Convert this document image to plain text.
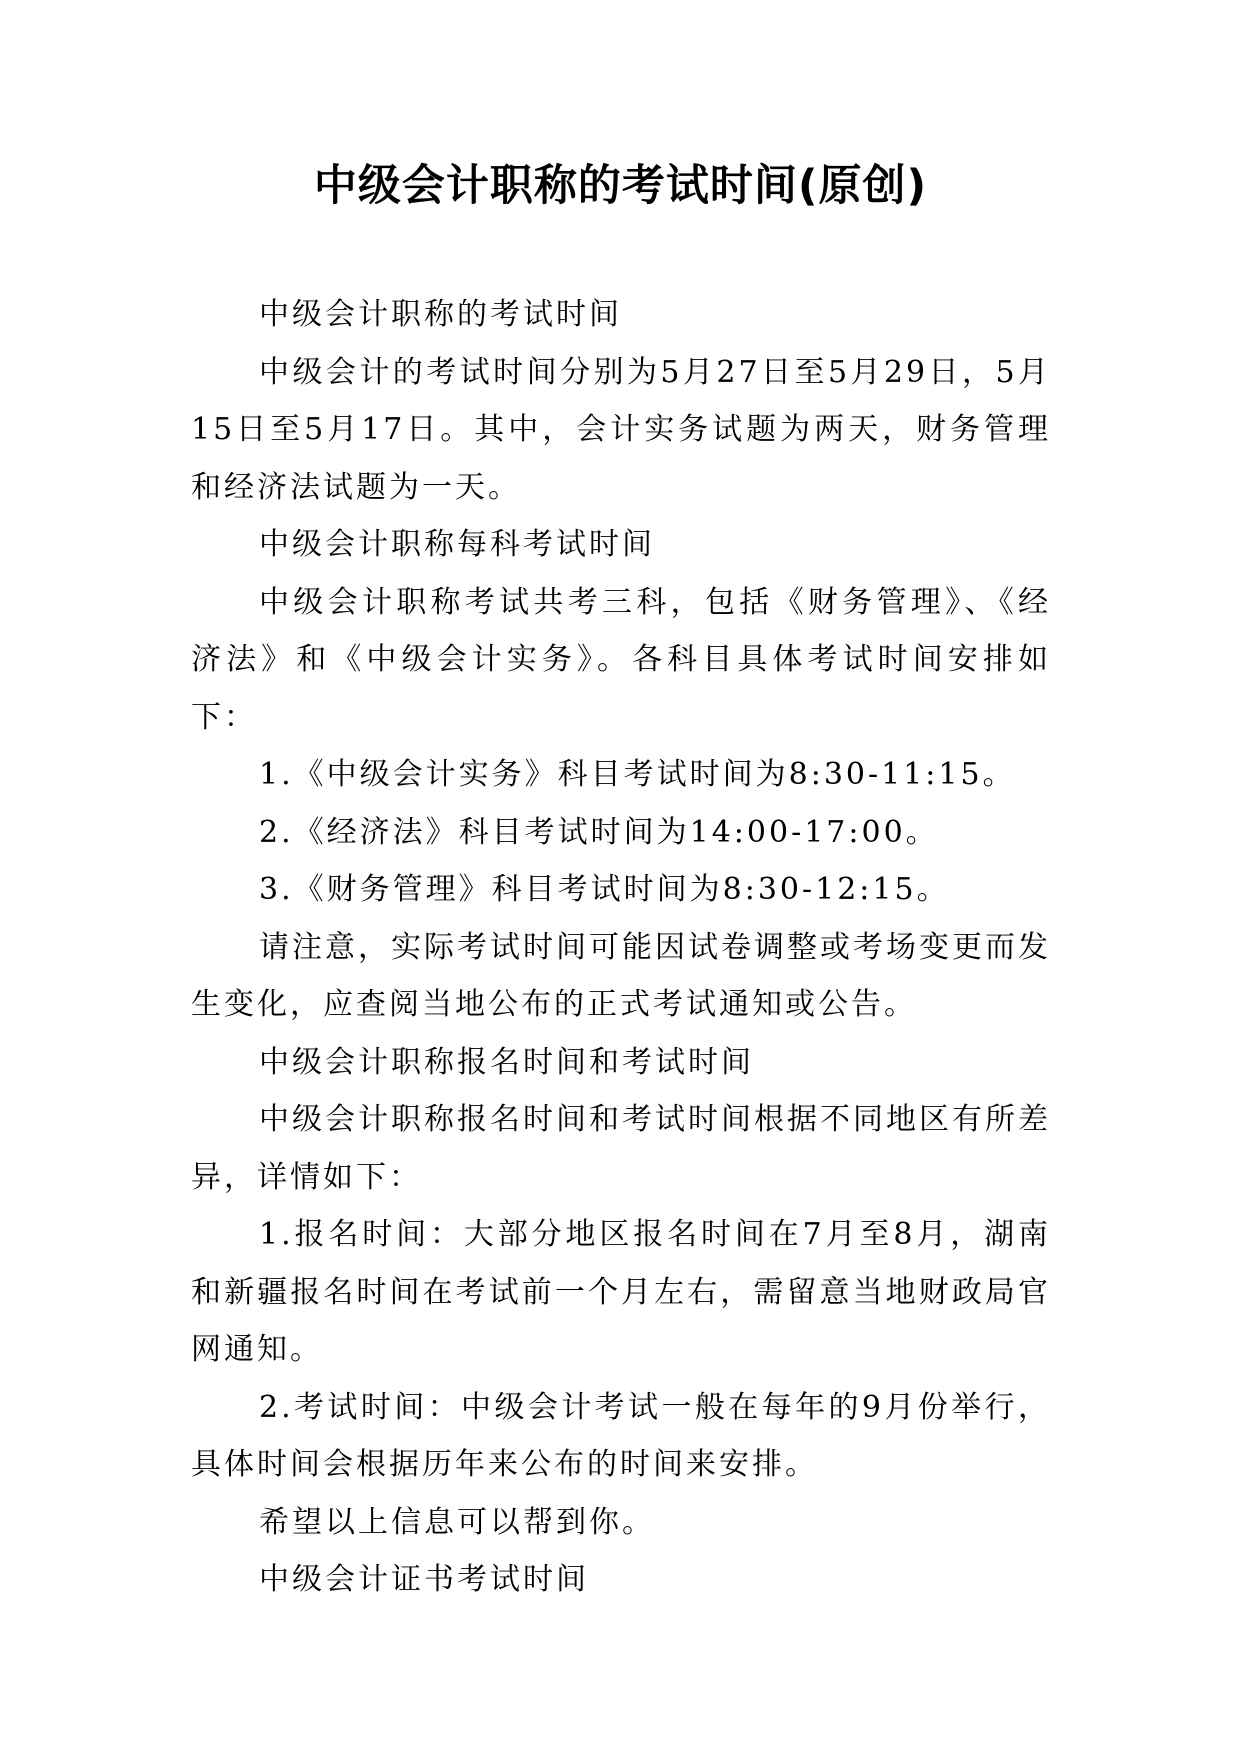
中级会计职称的考试时间(原创)

中级会计职称的考试时间

中级会计的考试时间分别为5月27日至5月29日，5月15日至5月17日。其中，会计实务试题为两天，财务管理和经济法试题为一天。

中级会计职称每科考试时间

中级会计职称考试共考三科，包括《财务管理》、《经济法》和《中级会计实务》。各科目具体考试时间安排如下：

1.《中级会计实务》科目考试时间为8:30-11:15。

2.《经济法》科目考试时间为14:00-17:00。

3.《财务管理》科目考试时间为8:30-12:15。

请注意，实际考试时间可能因试卷调整或考场变更而发生变化，应查阅当地公布的正式考试通知或公告。

中级会计职称报名时间和考试时间

中级会计职称报名时间和考试时间根据不同地区有所差异，详情如下：

1.报名时间：大部分地区报名时间在7月至8月，湖南和新疆报名时间在考试前一个月左右，需留意当地财政局官网通知。

2.考试时间：中级会计考试一般在每年的9月份举行，具体时间会根据历年来公布的时间来安排。

希望以上信息可以帮到你。

中级会计证书考试时间
